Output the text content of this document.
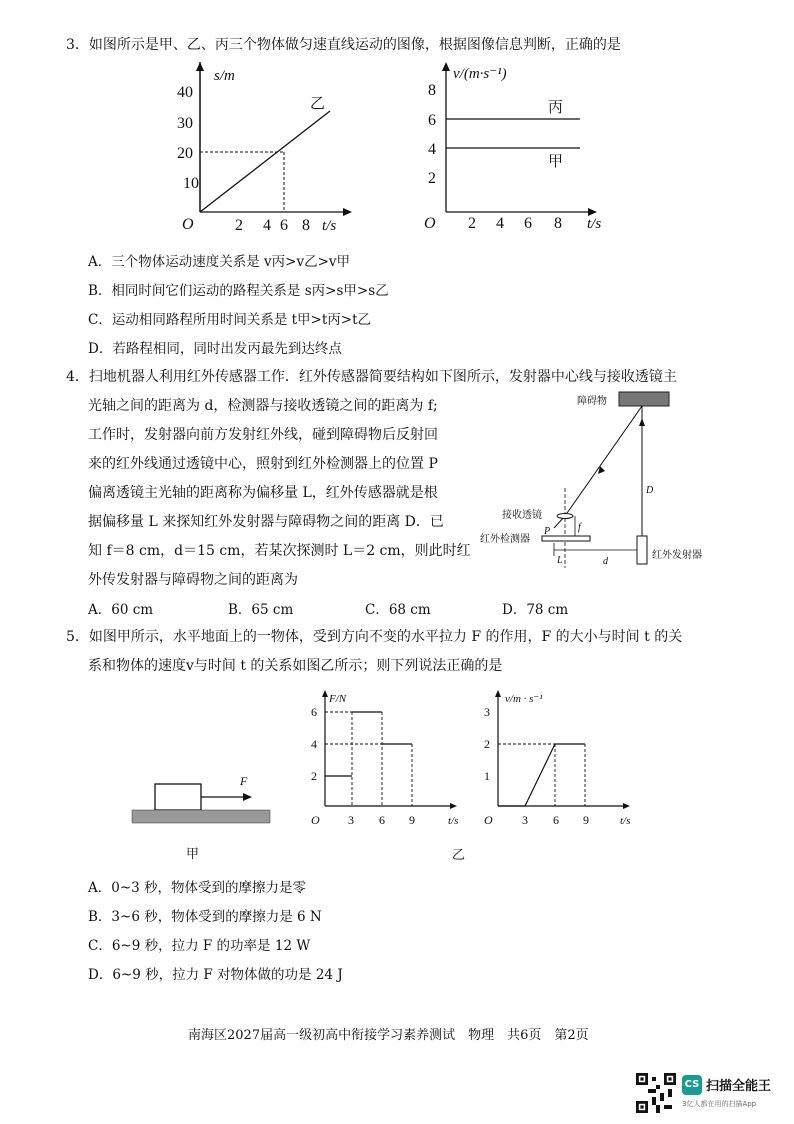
3．如图所示是甲、乙、丙三个物体做匀速直线运动的图像，根据图像信息判断，正确的是
s/m
t/s
O
40
30
20
10
2 4 6 8
乙
v/(m·s⁻¹)
t/s
O
8
6
4
2
2 4 6 8
丙
甲
A．三个物体运动速度关系是 v丙>v乙>v甲
B．相同时间它们运动的路程关系是 s丙>s甲>s乙
C．运动相同路程所用时间关系是 t甲>t丙>t乙
D．若路程相同，同时出发丙最先到达终点
4．扫地机器人利用红外传感器工作．红外传感器简要结构如下图所示，发射器中心线与接收透镜主
光轴之间的距离为 d，检测器与接收透镜之间的距离为 f;
工作时，发射器向前方发射红外线，碰到障碍物后反射回
来的红外线通过透镜中心，照射到红外检测器上的位置 P
偏离透镜主光轴的距离称为偏移量 L，红外传感器就是根
据偏移量 L 来探知红外发射器与障碍物之间的距离 D．已
知 f＝8 cm，d＝15 cm，若某次探测时 L＝2 cm，则此时红
外传发射器与障碍物之间的距离为
障碍物
D
接收透镜
f
P
红外检测器
红外发射器
L	d
A．60 cm	B．65 cm	C．68 cm	D．78 cm
5．如图甲所示，水平地面上的一物体，受到方向不变的水平拉力 F 的作用，F 的大小与时间 t 的关
系和物体的速度v与时间 t 的关系如图乙所示；则下列说法正确的是
F
甲
F/N
t/s
O
6
4
2
3 6 9
v/m · s⁻¹
t/s
O
3
2
1
3 6 9
乙
A．0~3 秒，物体受到的摩擦力是零
B．3~6 秒，物体受到的摩擦力是 6 N
C．6~9 秒，拉力 F 的功率是 12 W
D．6~9 秒，拉力 F 对物体做的功是 24 J
南海区2027届高一级初高中衔接学习素养测试　物理　共6页　第2页
CS 扫描全能王
3亿人都在用的扫描App
